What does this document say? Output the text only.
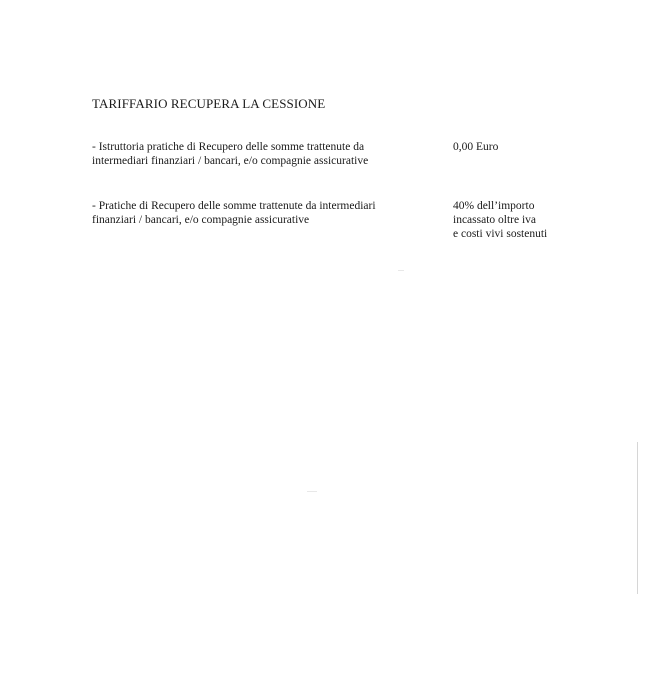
TARIFFARIO RECUPERA LA CESSIONE
- Istruttoria pratiche di Recupero delle somme trattenute da
intermediari finanziari / bancari, e/o compagnie assicurative
0,00 Euro
- Pratiche di Recupero delle somme trattenute da intermediari
finanziari / bancari, e/o compagnie assicurative
40% dell’importo
incassato oltre iva
e costi vivi sostenuti
